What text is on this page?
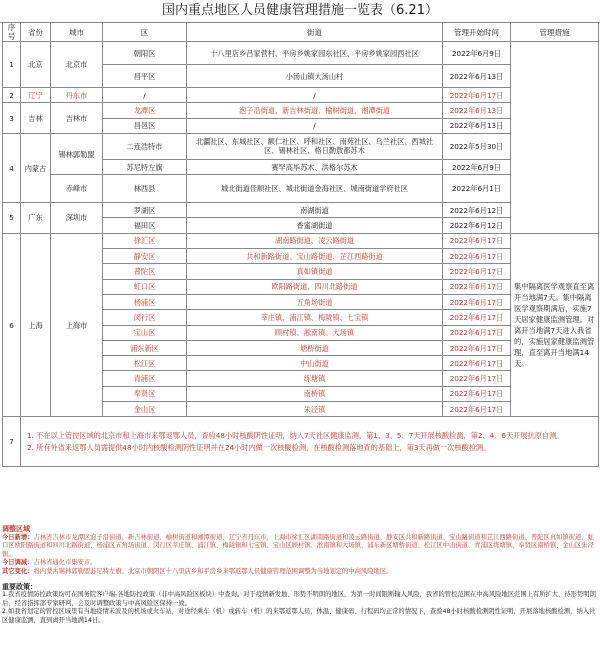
国内重点地区人员健康管理措施一览表（6.21）
序号	省份	城市	区	街道	管理开始时间	管理措施
1	北京	北京市	朝阳区	十八里店乡吕家营村、平房乡姚家园东社区、平房乡姚家园西社区	2022年6月9日	
			昌平区	小汤山镇大汤山村	2022年6月13日	
2	辽宁	丹东市	/	/	2022年6月17日	
3	吉林	吉林市	龙潭区	泡子沿街道、新吉林街道、榆树街道、湘潭街道	2022年6月13日	
			昌邑区	/	2022年6月13日	
4	内蒙古	锡林郭勒盟	二连浩特市	北疆社区、东城社区、额仁社区、呼和社区、南苑社区、乌兰社区、西城社区、锡林社区、格日勒敖都苏木	2022年5月30日	
			苏尼特左旗	赛罕高毕苏木、洪格尔苏木	2022年6月9日	
		赤峰市	林西县	城北街道佳顺社区、城北街道金海社区、城南街道学府社区	2022年6月1日	
5	广东	深圳市	罗湖区	南湖街道	2022年6月12日	
			福田区	香蜜湖街道	2022年6月12日	
6	上海	上海市	徐汇区	湖南路街道、凌云路街道	2022年6月17日	集中隔离医学观察直至离开当地满7天。集中隔离医学观察期满后，实施7天居家健康监测管理。对离开当地满7天进入我省的，实施居家健康监测管理，直至离开当地满14天。
			静安区	共和新路街道、宝山路街道、芷江西路街道	2022年6月17日	
			普陀区	真如镇街道	2022年6月17日	
			虹口区	欧阳路街道、四川北路街道	2022年6月17日	
			杨浦区	五角场街道	2022年6月17日	
			闵行区	莘庄镇、浦江镇、梅陇镇、七宝镇	2022年6月17日	
			宝山区	顾村镇、淞南镇、大场镇	2022年6月17日	
			浦东新区	塘桥街道	2022年6月17日	
			松江区	中山街道	2022年6月17日	
			青浦区	练塘镇	2022年6月17日	
			奉贤区	南桥镇	2022年6月17日	
			金山区	朱泾镇	2022年6月17日	
7	1. 不在以上管控区域的北京市和上海市来鄂返鄂人员，查验48小时核酸阴性证明，纳入7天社区健康监测，第1、3、5、7天开展核酸检测，第2、4、6天开展抗原自测。
2. 所有外省来返鄂人员需提供48小时内核酸检测阴性证明并在24小时内做一次核酸检测，在核酸检测落地查的基础上，第3天再做一次核酸检测。					

调整区域

今日新增：吉林省吉林市龙潭区泡子沿街道、新吉林街道、榆树街道和湘潭街道，辽宁省丹东市，上海市徐汇区湖南路街道和凌云路街道、静安区共和新路街道、宝山路街道和芷江西路街道、普陀区真如镇街道、虹口区欧阳路街道和四川北路街道、杨浦区五角场街道、闵行区莘庄镇、浦江镇、梅陇镇和七宝镇、宝山区顾村镇、淞南镇和大场镇、浦东新区塘桥街道、松江区中山街道、青浦区练塘镇、奉贤区南桥镇、金山区朱泾镇。

今日调减：吉林省通化市集安市。

其它变化：将内蒙古锡林郭勒盟苏尼特左旗、北京市朝阳区十八里店乡和平房乡来鄂返鄂人员健康管理范围调整为当地划定的中高风险地区。

重要政策：

1.我省疫情防控政策均可在国务院客户端-各地防控政策（非中高风险区板块）中查询。对于疫情新发地、形势不明朗的地区，为第一时间阻断输入风险，我省的管控范围在中高风险地区范围上有所扩大，待形势明朗后，经省指挥部专家研判，会及时调整政策与中高风险区保持一致。

2.如我省划定的管控区域里有当地疫情未波及的机场或火车站，对途经乘车（机）或转车（机）的来鄂返鄂人员，体温、健康码、行程码均正常的情况下，查验48小时核酸检测阴性证明，开展落地核酸检测，纳入社区健康监测，直到离开当地满14日。
